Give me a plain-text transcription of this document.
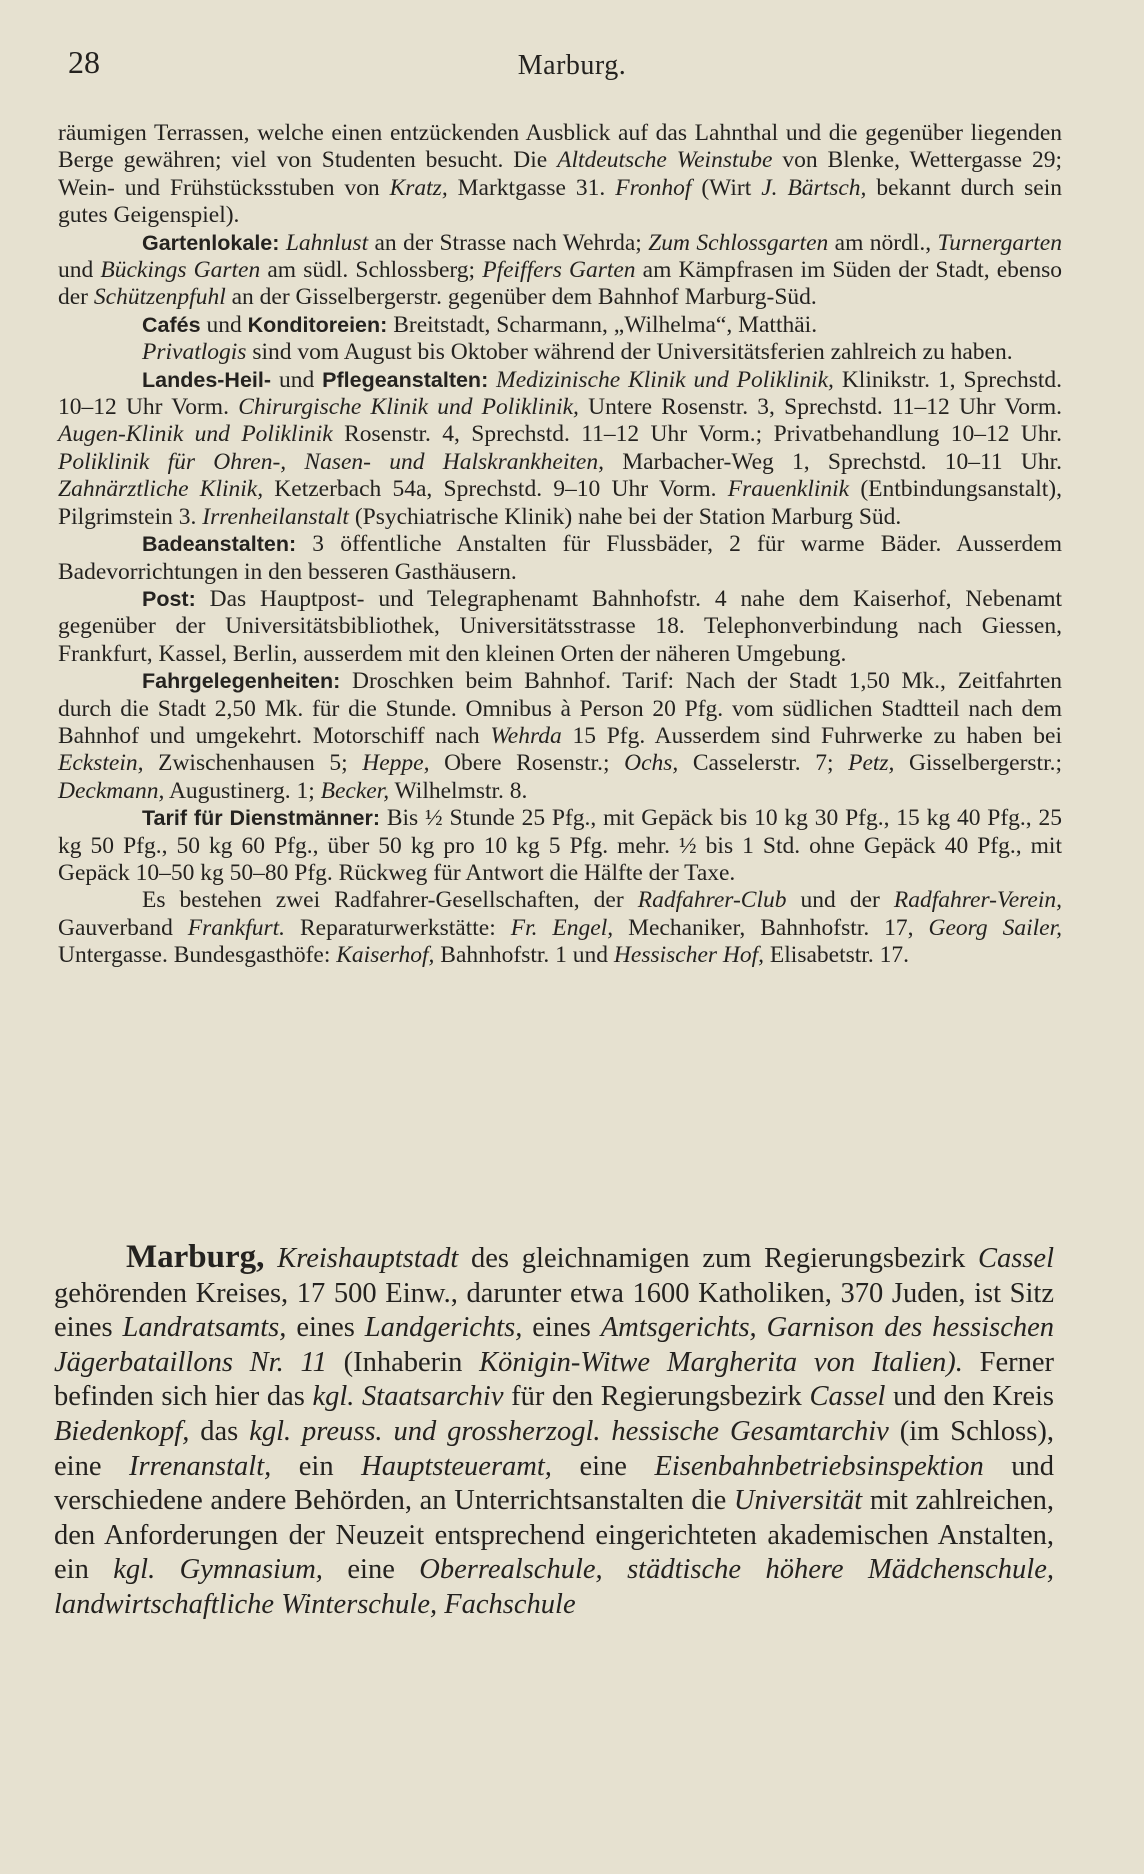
28	Marburg.

räumigen Terrassen, welche einen entzückenden Ausblick auf das Lahnthal und die gegenüber liegenden Berge gewähren; viel von Studenten besucht. Die Altdeutsche Weinstube von Blenke, Wettergasse 29; Wein- und Frühstücksstuben von Kratz, Marktgasse 31. Fronhof (Wirt J. Bärtsch, bekannt durch sein gutes Geigenspiel).

Gartenlokale: Lahnlust an der Strasse nach Wehrda; Zum Schlossgarten am nördl., Turnergarten und Bückings Garten am südl. Schlossberg; Pfeiffers Garten am Kämpfrasen im Süden der Stadt, ebenso der Schützenpfuhl an der Gisselbergerstr. gegenüber dem Bahnhof Marburg-Süd.

Cafés und Konditoreien: Breitstadt, Scharmann, „Wilhelma“, Matthäi.

Privatlogis sind vom August bis Oktober während der Universitätsferien zahlreich zu haben.

Landes-Heil- und Pflegeanstalten: Medizinische Klinik und Poliklinik, Klinikstr. 1, Sprechstd. 10–12 Uhr Vorm. Chirurgische Klinik und Poliklinik, Untere Rosenstr. 3, Sprechstd. 11–12 Uhr Vorm. Augen-Klinik und Poliklinik Rosenstr. 4, Sprechstd. 11–12 Uhr Vorm.; Privatbehandlung 10–12 Uhr. Poliklinik für Ohren-, Nasen- und Halskrankheiten, Marbacher-Weg 1, Sprechstd. 10–11 Uhr. Zahnärztliche Klinik, Ketzerbach 54a, Sprechstd. 9–10 Uhr Vorm. Frauenklinik (Entbindungsanstalt), Pilgrimstein 3. Irrenheilanstalt (Psychiatrische Klinik) nahe bei der Station Marburg Süd.

Badeanstalten: 3 öffentliche Anstalten für Flussbäder, 2 für warme Bäder. Ausserdem Badevorrichtungen in den besseren Gasthäusern.

Post: Das Hauptpost- und Telegraphenamt Bahnhofstr. 4 nahe dem Kaiserhof, Nebenamt gegenüber der Universitätsbibliothek, Universitätsstrasse 18. Telephonverbindung nach Giessen, Frankfurt, Kassel, Berlin, ausserdem mit den kleinen Orten der näheren Umgebung.

Fahrgelegenheiten: Droschken beim Bahnhof. Tarif: Nach der Stadt 1,50 Mk., Zeitfahrten durch die Stadt 2,50 Mk. für die Stunde. Omnibus à Person 20 Pfg. vom südlichen Stadtteil nach dem Bahnhof und umgekehrt. Motorschiff nach Wehrda 15 Pfg. Ausserdem sind Fuhrwerke zu haben bei Eckstein, Zwischenhausen 5; Heppe, Obere Rosenstr.; Ochs, Casselerstr. 7; Petz, Gisselbergerstr.; Deckmann, Augustinerg. 1; Becker, Wilhelmstr. 8.

Tarif für Dienstmänner: Bis ½ Stunde 25 Pfg., mit Gepäck bis 10 kg 30 Pfg., 15 kg 40 Pfg., 25 kg 50 Pfg., 50 kg 60 Pfg., über 50 kg pro 10 kg 5 Pfg. mehr. ½ bis 1 Std. ohne Gepäck 40 Pfg., mit Gepäck 10–50 kg 50–80 Pfg. Rückweg für Antwort die Hälfte der Taxe.

Es bestehen zwei Radfahrer-Gesellschaften, der Radfahrer-Club und der Radfahrer-Verein, Gauverband Frankfurt. Reparaturwerkstätte: Fr. Engel, Mechaniker, Bahnhofstr. 17, Georg Sailer, Untergasse. Bundesgasthöfe: Kaiserhof, Bahnhofstr. 1 und Hessischer Hof, Elisabetstr. 17.

Marburg, Kreishauptstadt des gleichnamigen zum Regierungsbezirk Cassel gehörenden Kreises, 17 500 Einw., darunter etwa 1600 Katholiken, 370 Juden, ist Sitz eines Landratsamts, eines Landgerichts, eines Amtsgerichts, Garnison des hessischen Jägerbataillons Nr. 11 (Inhaberin Königin-Witwe Margherita von Italien). Ferner befinden sich hier das kgl. Staatsarchiv für den Regierungsbezirk Cassel und den Kreis Biedenkopf, das kgl. preuss. und grossherzogl. hessische Gesamtarchiv (im Schloss), eine Irrenanstalt, ein Hauptsteueramt, eine Eisenbahnbetriebsinspektion und verschiedene andere Behörden, an Unterrichtsanstalten die Universität mit zahlreichen, den Anforderungen der Neuzeit entsprechend eingerichteten akademischen Anstalten, ein kgl. Gymnasium, eine Oberrealschule, städtische höhere Mädchenschule, landwirtschaftliche Winterschule, Fachschule
